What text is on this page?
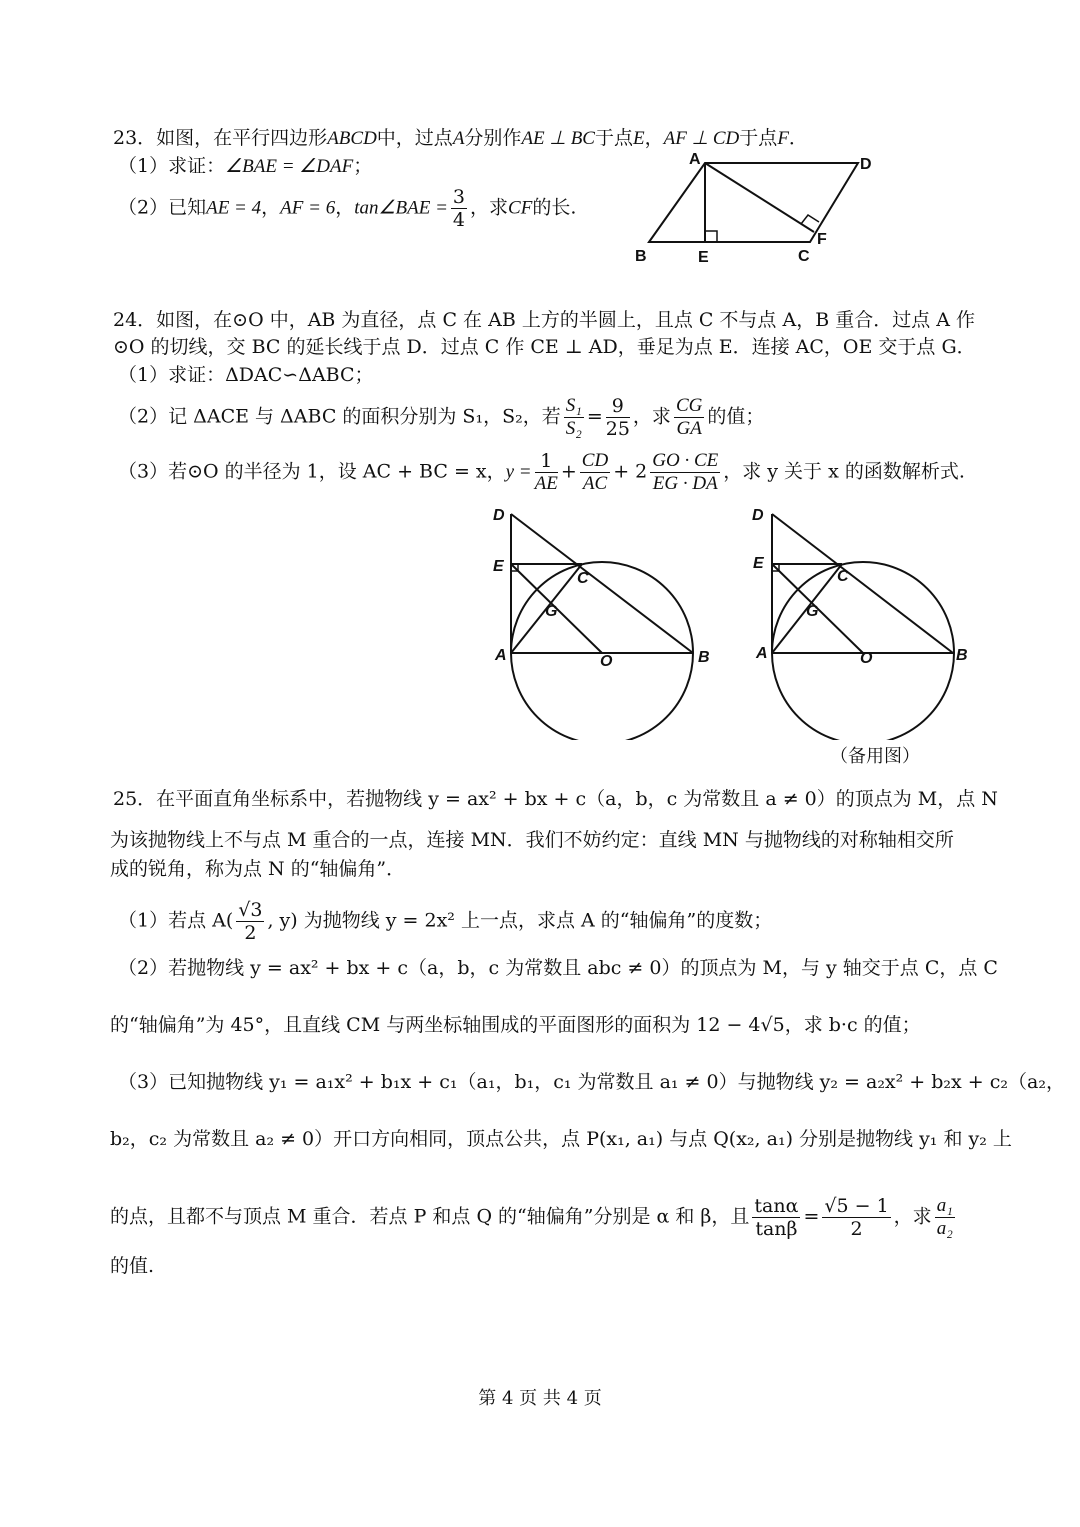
23．如图，在平行四边形ABCD中，过点A分别作AE ⊥ BC于点E，AF ⊥ CD于点F．
（1）求证：∠BAE = ∠DAF；
（2）已知AE = 4，AF = 6，tan∠BAE = $\frac{3}{4}$ ，求CF的长.
A	D
B	E	C
F
24．如图，在⊙O 中，AB 为直径，点 C 在 AB 上方的半圆上，且点 C 不与点 A，B 重合．过点 A 作
⊙O 的切线，交 BC 的延长线于点 D．过点 C 作 CE ⊥ AD，垂足为点 E．连接 AC，OE 交于点 G．
（1）求证：ΔDAC∽ΔABC；
（2）记 ΔACE 与 ΔABC 的面积分别为 S₁，S₂，若 $\frac{\text{S₁}}{\text{S₂}} = \frac{9}{25}$ ，求 $\frac{CG}{GA}$ 的值；
（3）若⊙O 的半径为 1，设 AC + BC = x，$y = \frac{1}{AE} + \frac{CD}{AC} + 2 \frac{GO \cdot CE}{EG \cdot DA}$ ，求 y 关于 x 的函数解析式.
D
E
C
G
A	O	B
D
E
C
G
A	O	B
（备用图）
25．在平面直角坐标系中，若抛物线 y = ax² + bx + c（a，b，c 为常数且 a ≠ 0）的顶点为 M，点 N
为该抛物线上不与点 M 重合的一点，连接 MN．我们不妨约定：直线 MN 与抛物线的对称轴相交所
成的锐角，称为点 N 的“轴偏角”．
（1）若点 $A( \frac{√3}{2}$ , y) 为抛物线 y = 2x² 上一点，求点 A 的“轴偏角”的度数；
（2）若抛物线 y = ax² + bx + c（a，b，c 为常数且 abc ≠ 0）的顶点为 M，与 y 轴交于点 C，点 C
的“轴偏角”为 45°，且直线 CM 与两坐标轴围成的平面图形的面积为 12 − 4√5，求 b·c 的值；
（3）已知抛物线 y₁ = a₁x² + b₁x + c₁（a₁，b₁，c₁ 为常数且 a₁ ≠ 0）与抛物线 y₂ = a₂x² + b₂x + c₂（a₂，
b₂，c₂ 为常数且 a₂ ≠ 0）开口方向相同，顶点公共，点 P(x₁, a₁) 与点 Q(x₂, a₁) 分别是抛物线 y₁ 和 y₂ 上
的点，且都不与顶点 M 重合．若点 P 和点 Q 的“轴偏角”分别是 α 和 β，且 $\frac{\tan\alpha}{\tan\beta} = \frac{√5 - 1}{2}$ ，求 $\frac{\text{a₁}}{\text{a₂}}$
的值.
第 4 页 共 4 页
